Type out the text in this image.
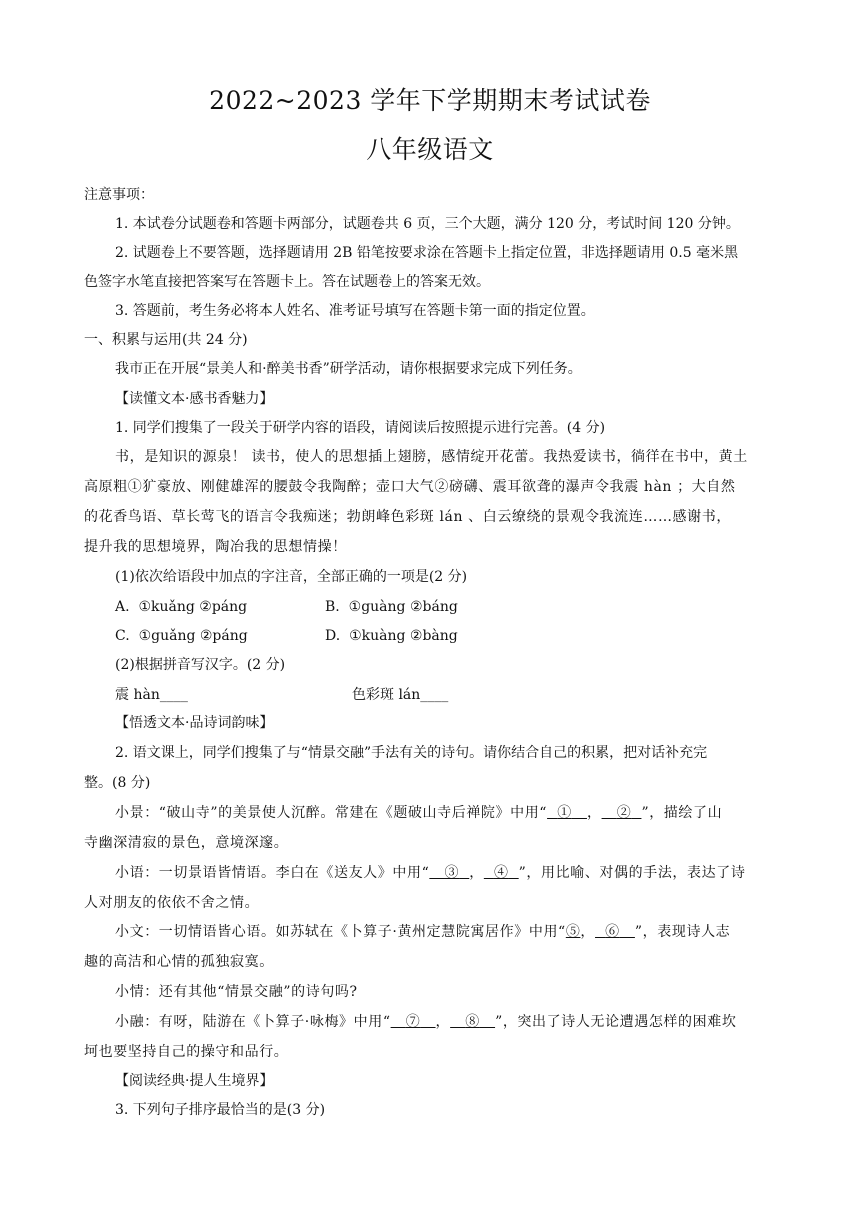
2022~2023 学年下学期期末考试试卷
八年级语文
注意事项：
1. 本试卷分试题卷和答题卡两部分，试题卷共 6 页，三个大题，满分 120 分，考试时间 120 分钟。
2. 试题卷上不要答题，选择题请用 2B 铅笔按要求涂在答题卡上指定位置，非选择题请用 0.5 毫米黑
色签字水笔直接把答案写在答题卡上。答在试题卷上的答案无效。
3. 答题前，考生务必将本人姓名、准考证号填写在答题卡第一面的指定位置。
一、积累与运用(共 24 分)
我市正在开展“景美人和·醉美书香”研学活动，请你根据要求完成下列任务。
【读懂文本·感书香魅力】
1. 同学们搜集了一段关于研学内容的语段，请阅读后按照提示进行完善。(4 分)
书，是知识的源泉！ 读书，使人的思想插上翅膀，感情绽开花蕾。我热爱读书，徜徉在书中，黄土
高原粗①犷豪放、刚健雄浑的腰鼓令我陶醉；壶口大气②磅礴、震耳欲聋的瀑声令我震 hàn ；大自然
的花香鸟语、草长莺飞的语言令我痴迷；勃朗峰色彩斑 lán 、白云缭绕的景观令我流连……感谢书，
提升我的思想境界，陶冶我的思想情操！
(1)依次给语段中加点的字注音，全部正确的一项是(2 分)
A. ①kuǎng ②páng	B. ①guàng ②báng
C. ①guǎng ②páng	D. ①kuàng ②bàng
(2)根据拼音写汉字。(2 分)
震 hàn____	色彩斑 lán____
【悟透文本·品诗词韵味】
2. 语文课上，同学们搜集了与“情景交融”手法有关的诗句。请你结合自己的积累，把对话补充完
整。(8 分)
小景：“破山寺”的美景使人沉醉。常建在《题破山寺后禅院》中用“ ① ， ② ”，描绘了山
寺幽深清寂的景色，意境深邃。
小语：一切景语皆情语。李白在《送友人》中用“ ③ ， ④ ”，用比喻、对偶的手法，表达了诗
人对朋友的依依不舍之情。
小文：一切情语皆心语。如苏轼在《卜算子·黄州定慧院寓居作》中用“⑤， ⑥ ”，表现诗人志
趣的高洁和心情的孤独寂寞。
小情：还有其他“情景交融”的诗句吗?
小融：有呀，陆游在《卜算子·咏梅》中用“ ⑦ ， ⑧ ”，突出了诗人无论遭遇怎样的困难坎
坷也要坚持自己的操守和品行。
【阅读经典·提人生境界】
3. 下列句子排序最恰当的是(3 分)
